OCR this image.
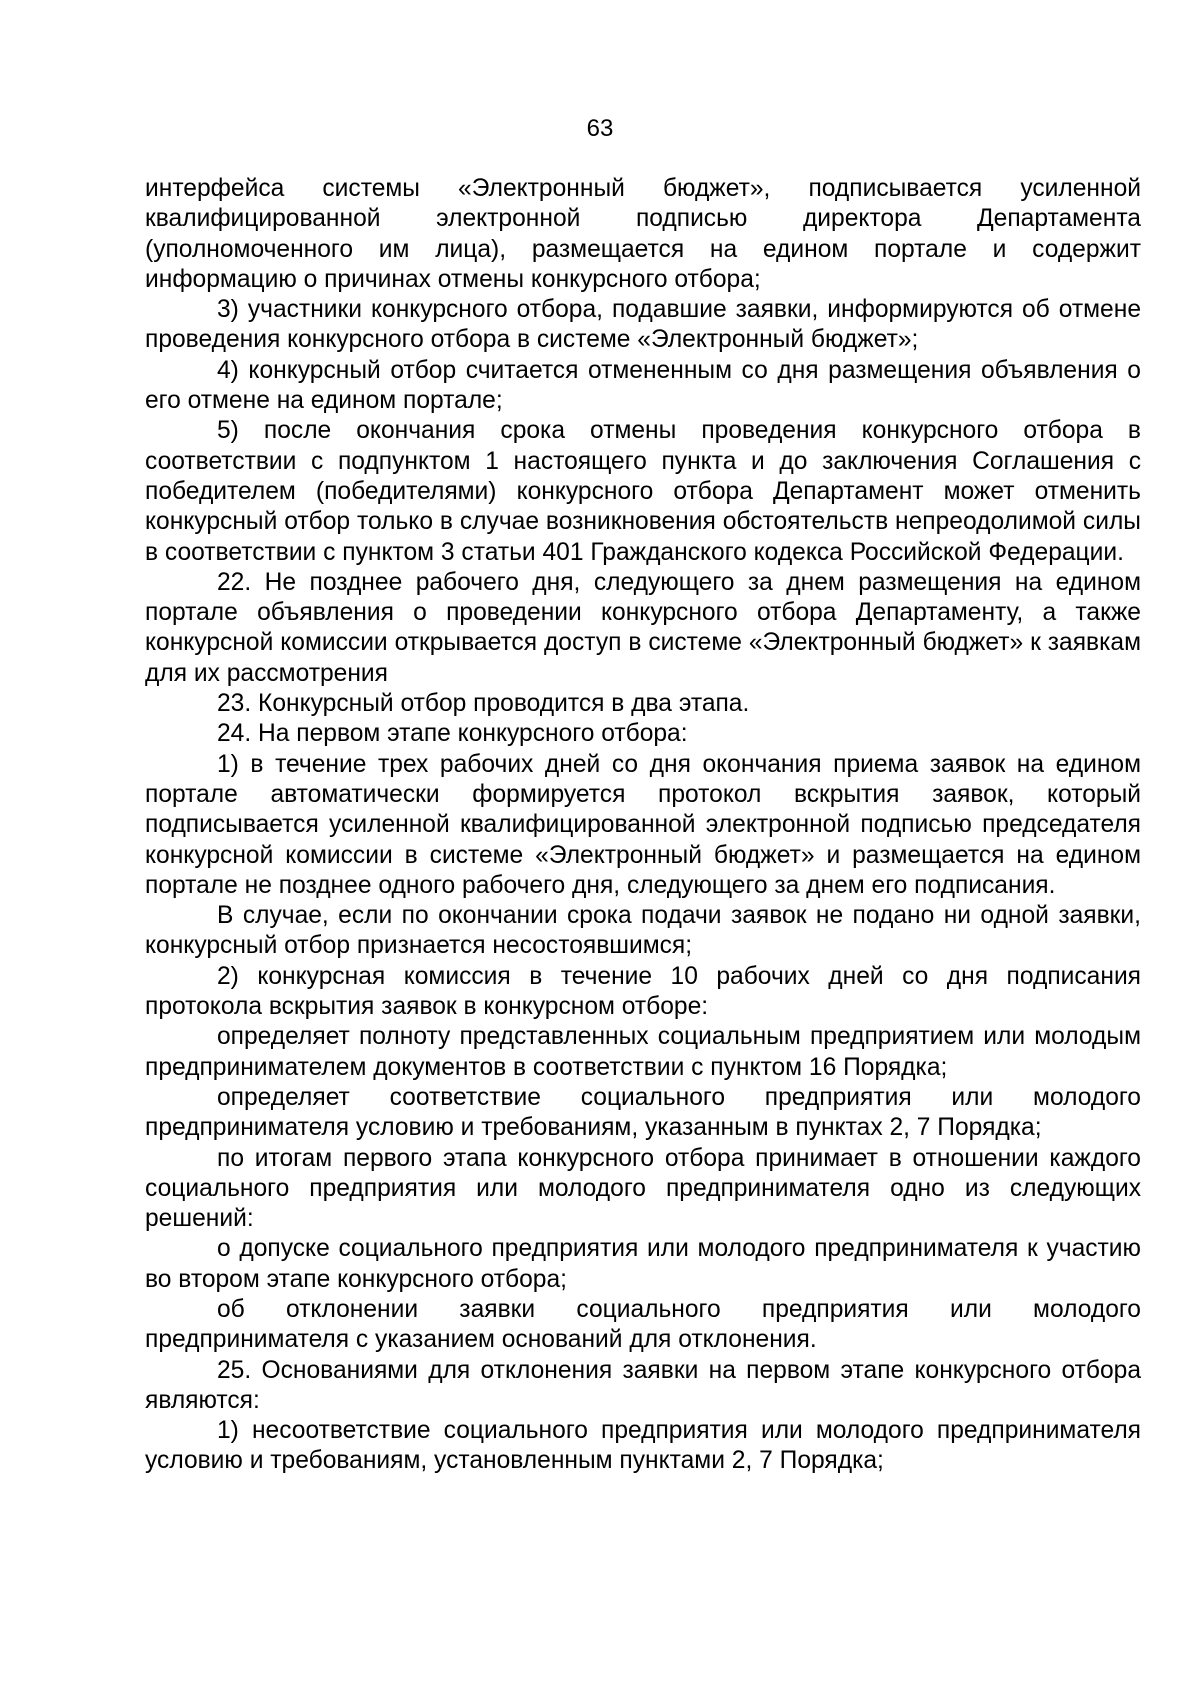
63

интерфейса системы «Электронный бюджет», подписывается усиленной квалифицированной электронной подписью директора Департамента (уполномоченного им лица), размещается на едином портале и содержит информацию о причинах отмены конкурсного отбора;

3) участники конкурсного отбора, подавшие заявки, информируются об отмене проведения конкурсного отбора в системе «Электронный бюджет»;

4) конкурсный отбор считается отмененным со дня размещения объявления о его отмене на едином портале;

5) после окончания срока отмены проведения конкурсного отбора в соответствии с подпунктом 1 настоящего пункта и до заключения Соглашения с победителем (победителями) конкурсного отбора Департамент может отменить конкурсный отбор только в случае возникновения обстоятельств непреодолимой силы в соответствии с пунктом 3 статьи 401 Гражданского кодекса Российской Федерации.

22. Не позднее рабочего дня, следующего за днем размещения на едином портале объявления о проведении конкурсного отбора Департаменту, а также конкурсной комиссии открывается доступ в системе «Электронный бюджет» к заявкам для их рассмотрения

23. Конкурсный отбор проводится в два этапа.

24. На первом этапе конкурсного отбора:

1) в течение трех рабочих дней со дня окончания приема заявок на едином портале автоматически формируется протокол вскрытия заявок, который подписывается усиленной квалифицированной электронной подписью председателя конкурсной комиссии в системе «Электронный бюджет» и размещается на едином портале не позднее одного рабочего дня, следующего за днем его подписания.

В случае, если по окончании срока подачи заявок не подано ни одной заявки, конкурсный отбор признается несостоявшимся;

2) конкурсная комиссия в течение 10 рабочих дней со дня подписания протокола вскрытия заявок в конкурсном отборе:

определяет полноту представленных социальным предприятием или молодым предпринимателем документов в соответствии с пунктом 16 Порядка;

определяет соответствие социального предприятия или молодого предпринимателя условию и требованиям, указанным в пунктах 2, 7 Порядка;

по итогам первого этапа конкурсного отбора принимает в отношении каждого социального предприятия или молодого предпринимателя одно из следующих решений:

о допуске социального предприятия или молодого предпринимателя к участию во втором этапе конкурсного отбора;

об отклонении заявки социального предприятия или молодого предпринимателя с указанием оснований для отклонения.

25. Основаниями для отклонения заявки на первом этапе конкурсного отбора являются:

1) несоответствие социального предприятия или молодого предпринимателя условию и требованиям, установленным пунктами 2, 7 Порядка;
